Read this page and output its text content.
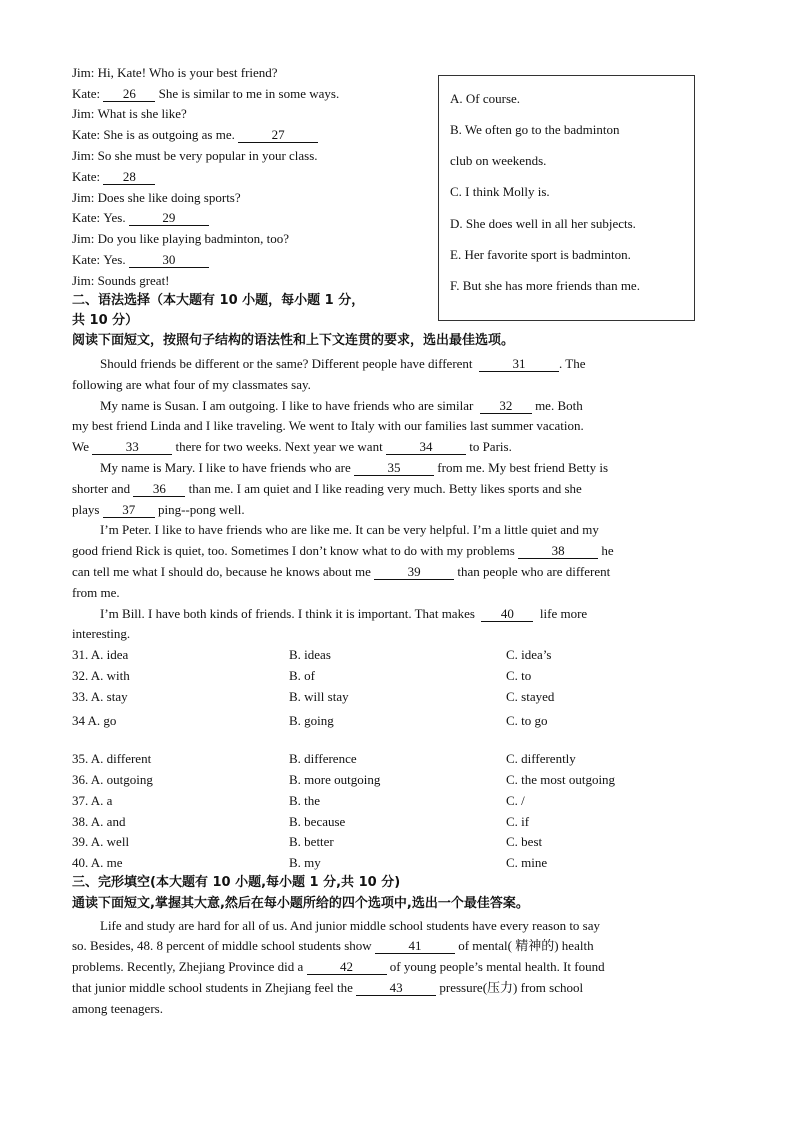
Jim: Hi, Kate! Who is your best friend?
Kate: 26 She is similar to me in some ways.
Jim: What is she like?
Kate: She is as outgoing as me.	27
Jim: So she must be very popular in your class.
Kate: 28
Jim: Does she like doing sports?
Kate: Yes.	29
Jim: Do you like playing badminton, too?
Kate: Yes.	30
Jim: Sounds great!
A. Of course.
B. We often go to the badminton
club on weekends.
C. I think Molly is.
D. She does well in all her subjects.
E. Her favorite sport is badminton.
F. But she has more friends than me.
二、语法选择（本大题有 10 小题，每小题 1 分，
共 10 分）
阅读下面短文，按照句子结构的语法性和上下文连贯的要求，选出最佳选项。
Should friends be different or the same? Different people have different	31	. The
following are what four of my classmates say.
My name is Susan. I am outgoing. I like to have friends who are similar 32 me. Both
my best friend Linda and I like traveling. We went to Italy with our families last summer vacation.
We	33	there for two weeks. Next year we want	34	to Paris.
My name is Mary. I like to have friends who are	35	from me. My best friend Betty is
shorter and 36 than me. I am quiet and I like reading very much. Betty likes sports and she
plays 37 ping--pong well.
I’m Peter. I like to have friends who are like me. It can be very helpful. I’m a little quiet and my
good friend Rick is quiet, too. Sometimes I don’t know what to do with my problems	38	he
can tell me what I should do, because he knows about me	39	than people who are different
from me.
I’m Bill. I have both kinds of friends. I think it is important. That makes 40 life more
interesting.
31. A. idea	B. ideas	C. idea’s
32. A. with	B. of	C. to
33. A. stay	B. will stay	C. stayed
34 A. go	B. going	C. to go
35. A. different	B. difference	C. differently
36. A. outgoing	B. more outgoing	C. the most outgoing
37. A. a	B. the	C. /
38. A. and	B. because	C. if
39. A. well	B. better	C. best
40. A. me	B. my	C. mine
三、完形填空(本大题有 10 小题,每小题 1 分,共 10 分)
通读下面短文,掌握其大意,然后在每小题所给的四个选项中,选出一个最佳答案。
Life and study are hard for all of us. And junior middle school students have every reason to say
so. Besides, 48. 8 percent of middle school students show	41	of mental( 精神的) health
problems. Recently, Zhejiang Province did a	42	of young people’s mental health. It found
that junior middle school students in Zhejiang feel the	43	pressure(压力) from school
among teenagers.
